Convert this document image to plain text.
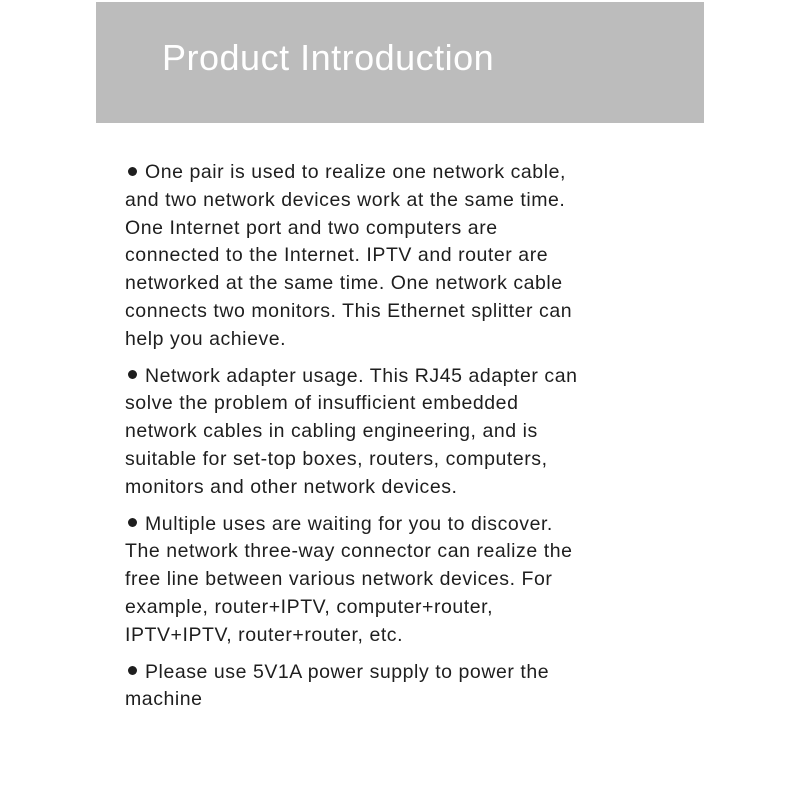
Product Introduction
One pair is used to realize one network cable,
and two network devices work at the same time.
One Internet port and two computers are
connected to the Internet. IPTV and router are
networked at the same time. One network cable
connects two monitors. This Ethernet splitter can
help you achieve.
Network adapter usage. This RJ45 adapter can
solve the problem of insufficient embedded
network cables in cabling engineering, and is
suitable for set-top boxes, routers, computers,
monitors and other network devices.
Multiple uses are waiting for you to discover.
The network three-way connector can realize the
free line between various network devices. For
example, router+IPTV, computer+router,
IPTV+IPTV, router+router, etc.
Please use 5V1A power supply to power the
machine
